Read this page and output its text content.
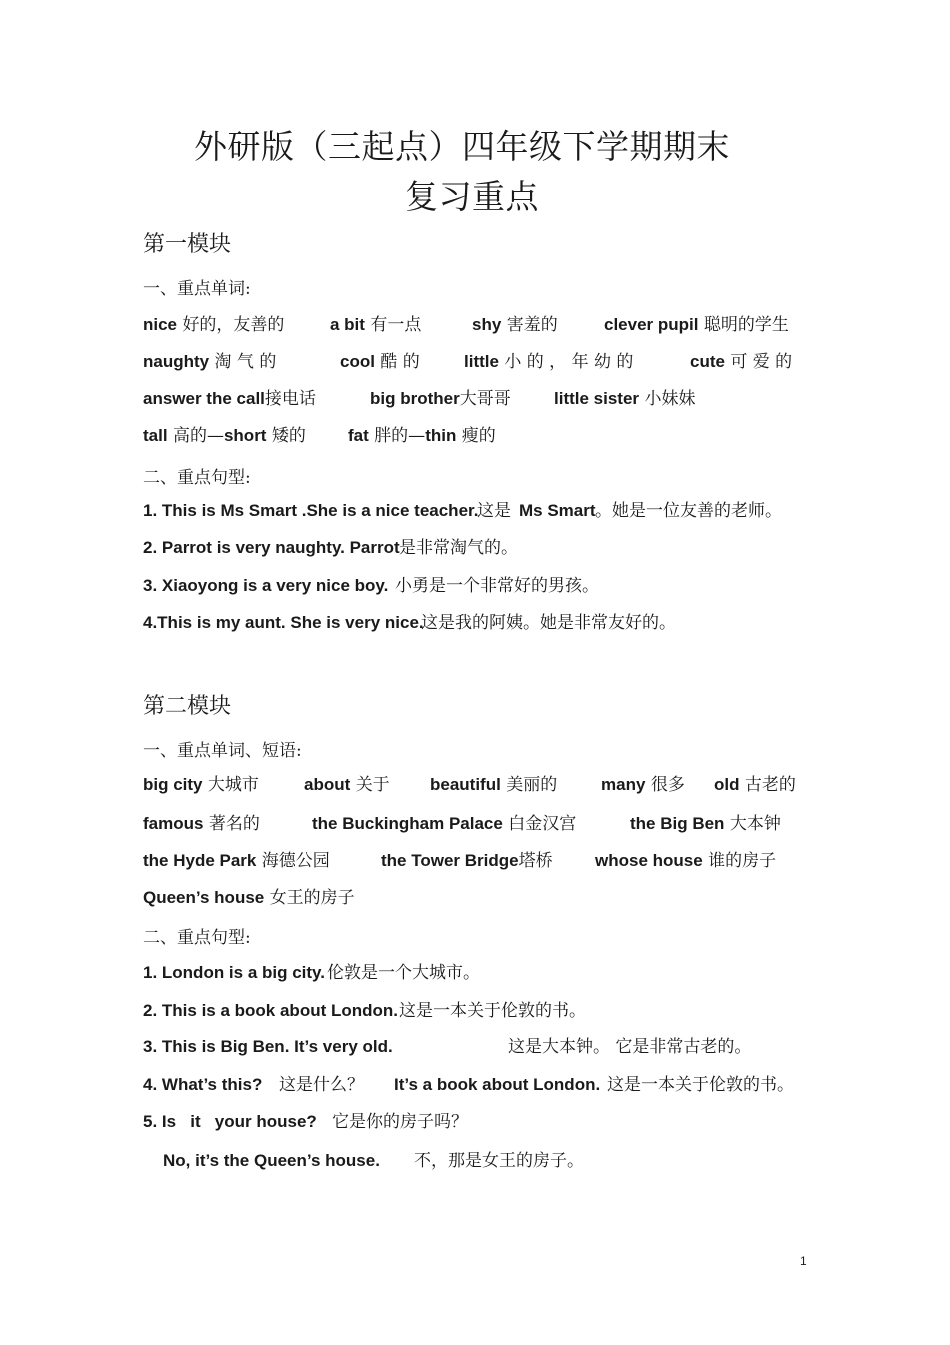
外研版（三起点）四年级下学期期末
复习重点
第一模块
一、重点单词:
nice 好的，友善的	a bit 有一点	shy 害羞的	clever pupil 聪明的学生
naughty 淘 气 的	cool 酷 的	little 小 的 ， 年 幼 的	cute 可 爱 的
answer the call接电话	big brother大哥哥	little sister 小妹妹
tall 高的—short 矮的 fat 胖的—thin 瘦的
二、重点句型:
1. This is Ms Smart .She is a nice teacher.
这是 Ms Smart 。她是一位友善的老师。
2. Parrot is very naughty. Parrot 是非常淘气的。
3. Xiaoyong is a very nice boy. 小勇是一个非常好的男孩。
4.This is my aunt. She is very nice.
这是我的阿姨。她是非常友好的。
第二模块
一、重点单词、短语:
big city 大城市	about 关于 beautiful 美丽的	many 很多 old 古老的
famous 著名的	the Buckingham Palace 白金汉宫	the Big Ben 大本钟
the Hyde Park 海德公园	the Tower Bridge塔桥 whose house 谁的房子
Queen’s house 女王的房子
二、重点句型:
1. London is a big city. 伦敦是一个大城市。
2. This is a book about London. 这是一本关于伦敦的书。
3. This is Big Ben. It’s very old.	这是大本钟。 它是非常古老的。
4. What’s this? 这是什么？ It’s a book about London. 这是一本关于伦敦的书。
5. Is   it   your house? 它是你的房子吗？
No, it’s the Queen’s house. 不，那是女王的房子。
1
